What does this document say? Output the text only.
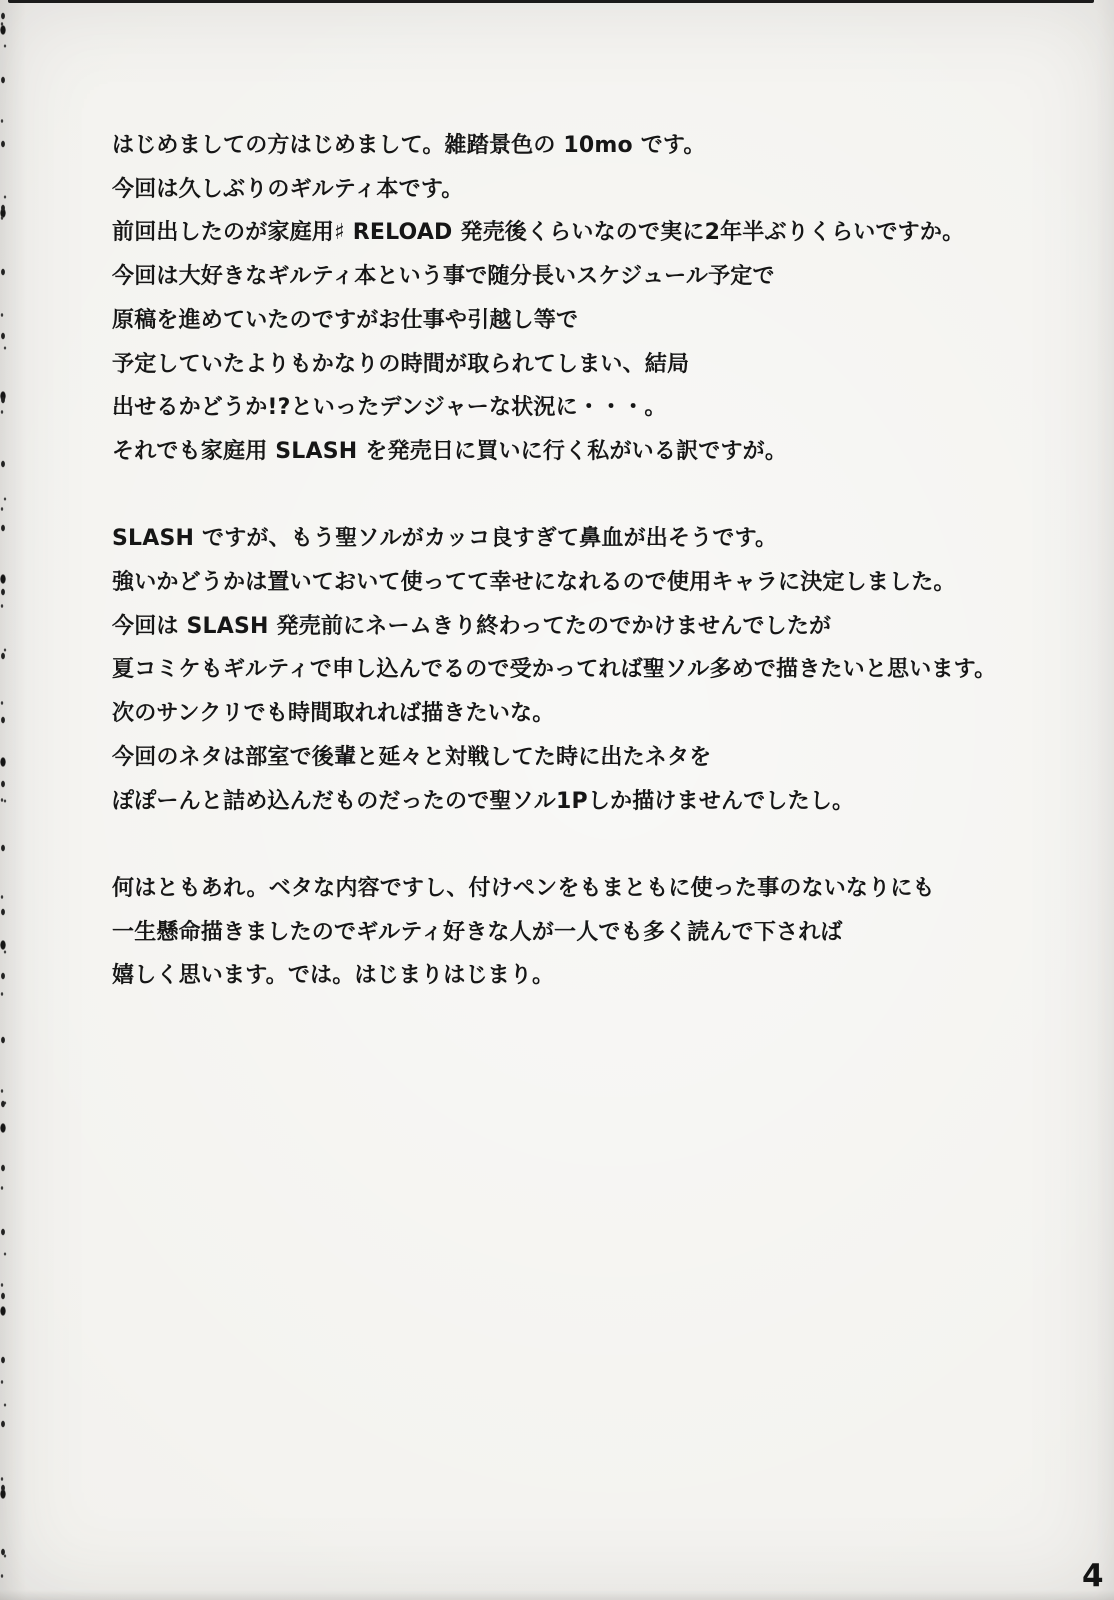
はじめましての方はじめまして。雑踏景色の 10mo です。
今回は久しぶりのギルティ本です。
前回出したのが家庭用♯ RELOAD 発売後くらいなので実に2年半ぶりくらいですか。
今回は大好きなギルティ本という事で随分長いスケジュール予定で
原稿を進めていたのですがお仕事や引越し等で
予定していたよりもかなりの時間が取られてしまい、結局
出せるかどうか!?といったデンジャーな状況に・・・。
それでも家庭用 SLASH を発売日に買いに行く私がいる訳ですが。

SLASH ですが、もう聖ソルがカッコ良すぎて鼻血が出そうです。
強いかどうかは置いておいて使ってて幸せになれるので使用キャラに決定しました。
今回は SLASH 発売前にネームきり終わってたのでかけませんでしたが
夏コミケもギルティで申し込んでるので受かってれば聖ソル多めで描きたいと思います。
次のサンクリでも時間取れれば描きたいな。
今回のネタは部室で後輩と延々と対戦してた時に出たネタを
ぽぽーんと詰め込んだものだったので聖ソル1Pしか描けませんでしたし。

何はともあれ。ベタな内容ですし、付けペンをもまともに使った事のないなりにも
一生懸命描きましたのでギルティ好きな人が一人でも多く読んで下されば
嬉しく思います。では。はじまりはじまり。

4
